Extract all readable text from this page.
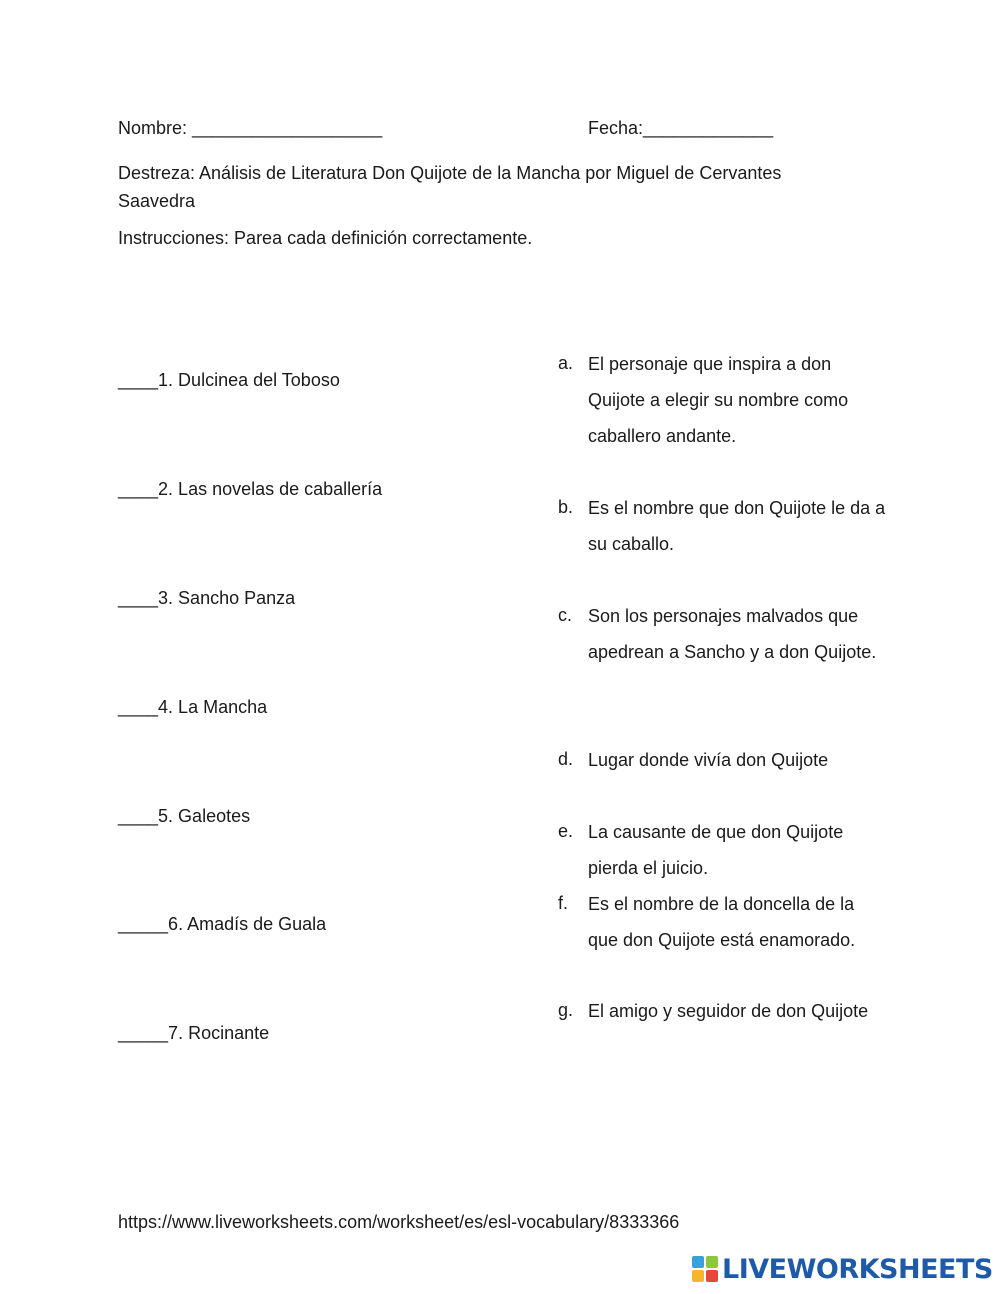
Nombre: ___________________	Fecha:_____________
Destreza: Análisis de Literatura Don Quijote de la Mancha por Miguel de Cervantes Saavedra
Instrucciones: Parea cada definición correctamente.
____1. Dulcinea del Toboso
____2. Las novelas de caballería
____3. Sancho Panza
____4. La Mancha
____5. Galeotes
_____6. Amadís de Guala
_____7. Rocinante
a. El personaje que inspira a don Quijote a elegir su nombre como caballero andante.
b. Es el nombre que don Quijote le da a su caballo.
c. Son los personajes malvados que apedrean a Sancho y a don Quijote.
d. Lugar donde vivía don Quijote
e. La causante de que don Quijote pierda el juicio.
f. Es el nombre de la doncella de la que don Quijote está enamorado.
g. El amigo y seguidor de don Quijote
https://www.liveworksheets.com/worksheet/es/esl-vocabulary/8333366
LIVEWORKSHEETS
